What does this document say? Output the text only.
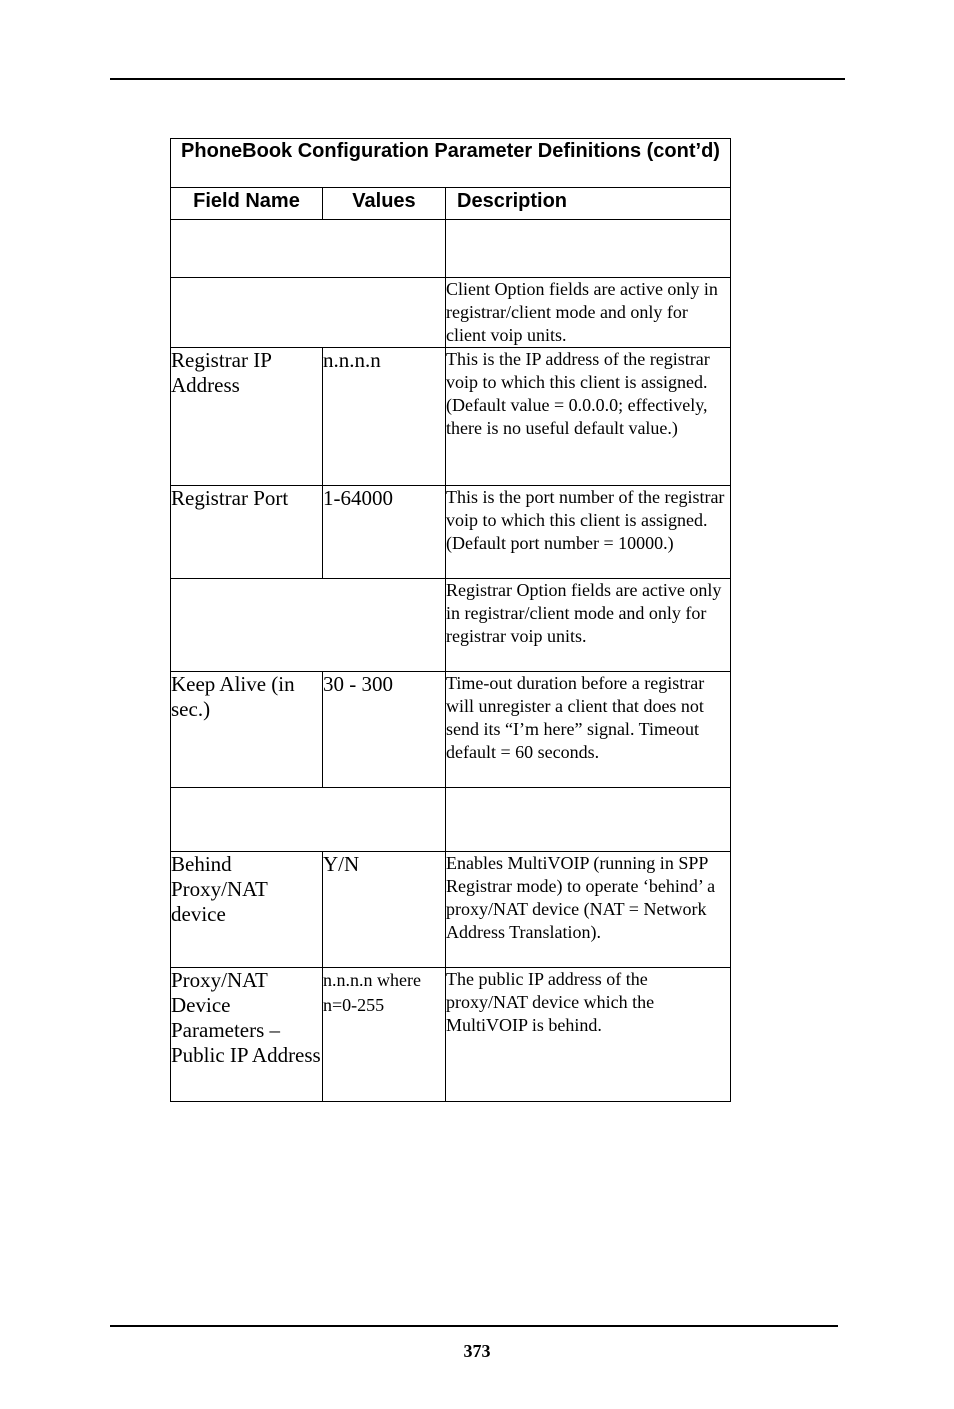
PhoneBook Configuration Parameter Definitions (cont’d)		
Field Name	Values	Description

		Client Option fields are active only in registrar/client mode and only for client voip units.
Registrar IP Address	n.n.n.n	This is the IP address of the registrar voip to which this client is assigned. (Default value = 0.0.0.0; effectively, there is no useful default value.)
Registrar Port	1-64000	This is the port number of the registrar voip to which this client is assigned. (Default port number = 10000.)
		Registrar Option fields are active only in registrar/client mode and only for registrar voip units.
Keep Alive (in sec.)	30 - 300	Time-out duration before a registrar will unregister a client that does not send its “I’m here” signal. Timeout default = 60 seconds.

Behind Proxy/NAT device	Y/N	Enables MultiVOIP (running in SPP Registrar mode) to operate ‘behind’ a proxy/NAT device (NAT = Network Address Translation).
Proxy/NAT Device Parameters – Public IP Address	n.n.n.n where n=0-255	The public IP address of the proxy/NAT device which the MultiVOIP is behind.
373
